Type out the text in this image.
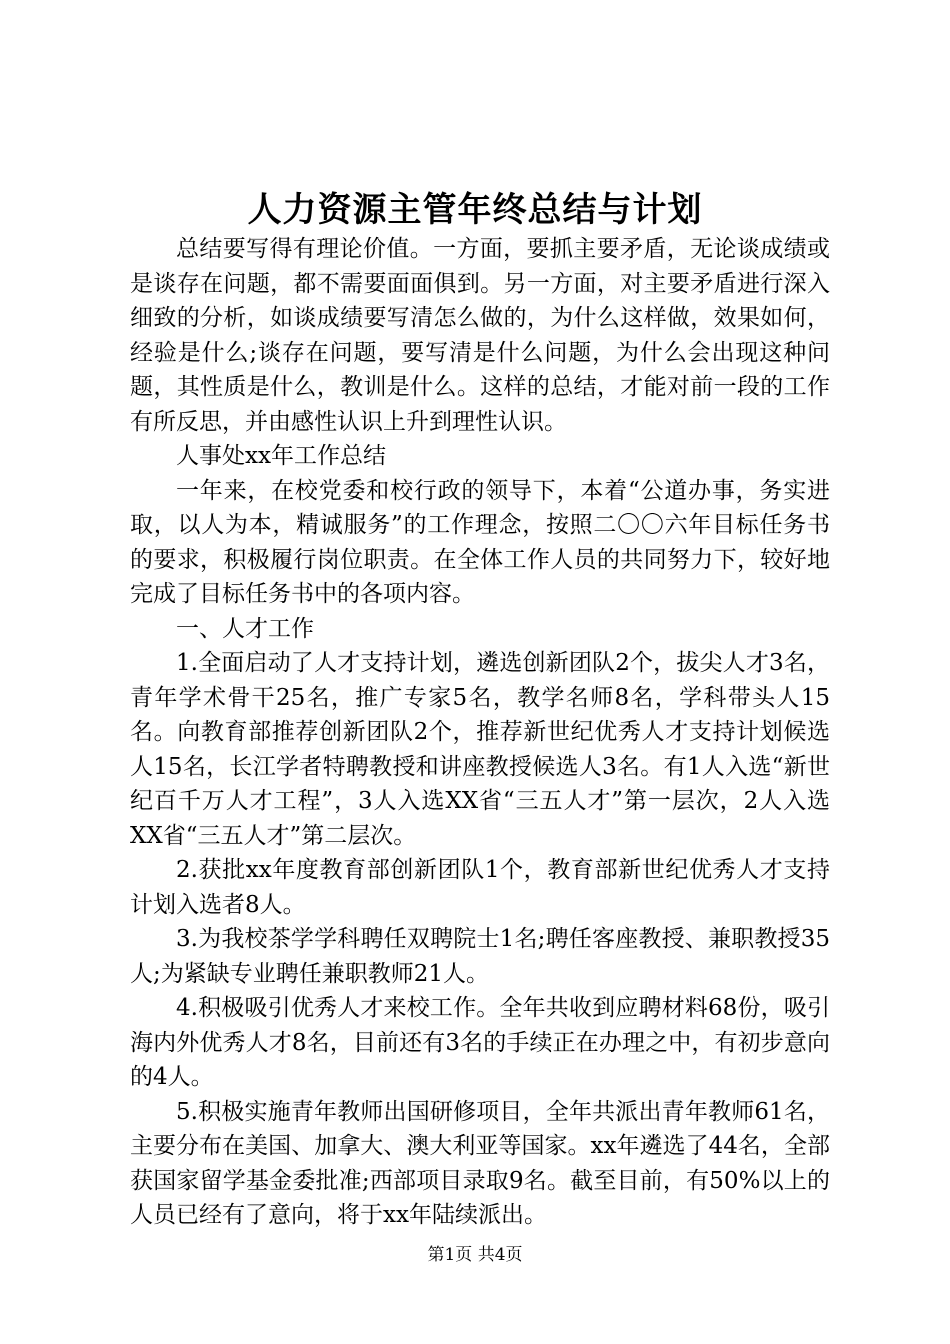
人力资源主管年终总结与计划

总结要写得有理论价值。一方面，要抓主要矛盾，无论谈成绩或是谈存在问题，都不需要面面俱到。另一方面，对主要矛盾进行深入细致的分析，如谈成绩要写清怎么做的，为什么这样做，效果如何，经验是什么;谈存在问题，要写清是什么问题，为什么会出现这种问题，其性质是什么，教训是什么。这样的总结，才能对前一段的工作有所反思，并由感性认识上升到理性认识。

人事处xx年工作总结

一年来，在校党委和校行政的领导下，本着“公道办事，务实进取，以人为本，精诚服务”的工作理念，按照二〇〇六年目标任务书的要求，积极履行岗位职责。在全体工作人员的共同努力下，较好地完成了目标任务书中的各项内容。

一、人才工作

1.全面启动了人才支持计划，遴选创新团队2个，拔尖人才3名，青年学术骨干25名，推广专家5名，教学名师8名，学科带头人15名。向教育部推荐创新团队2个，推荐新世纪优秀人才支持计划候选人15名，长江学者特聘教授和讲座教授候选人3名。有1人入选“新世纪百千万人才工程”，3人入选XX省“三五人才”第一层次，2人入选XX省“三五人才”第二层次。

2.获批xx年度教育部创新团队1个，教育部新世纪优秀人才支持计划入选者8人。

3.为我校茶学学科聘任双聘院士1名;聘任客座教授、兼职教授35人;为紧缺专业聘任兼职教师21人。

4.积极吸引优秀人才来校工作。全年共收到应聘材料68份，吸引海内外优秀人才8名，目前还有3名的手续正在办理之中，有初步意向的4人。

5.积极实施青年教师出国研修项目，全年共派出青年教师61名，主要分布在美国、加拿大、澳大利亚等国家。xx年遴选了44名，全部获国家留学基金委批准;西部项目录取9名。截至目前，有50%以上的人员已经有了意向，将于xx年陆续派出。

第1页 共4页
